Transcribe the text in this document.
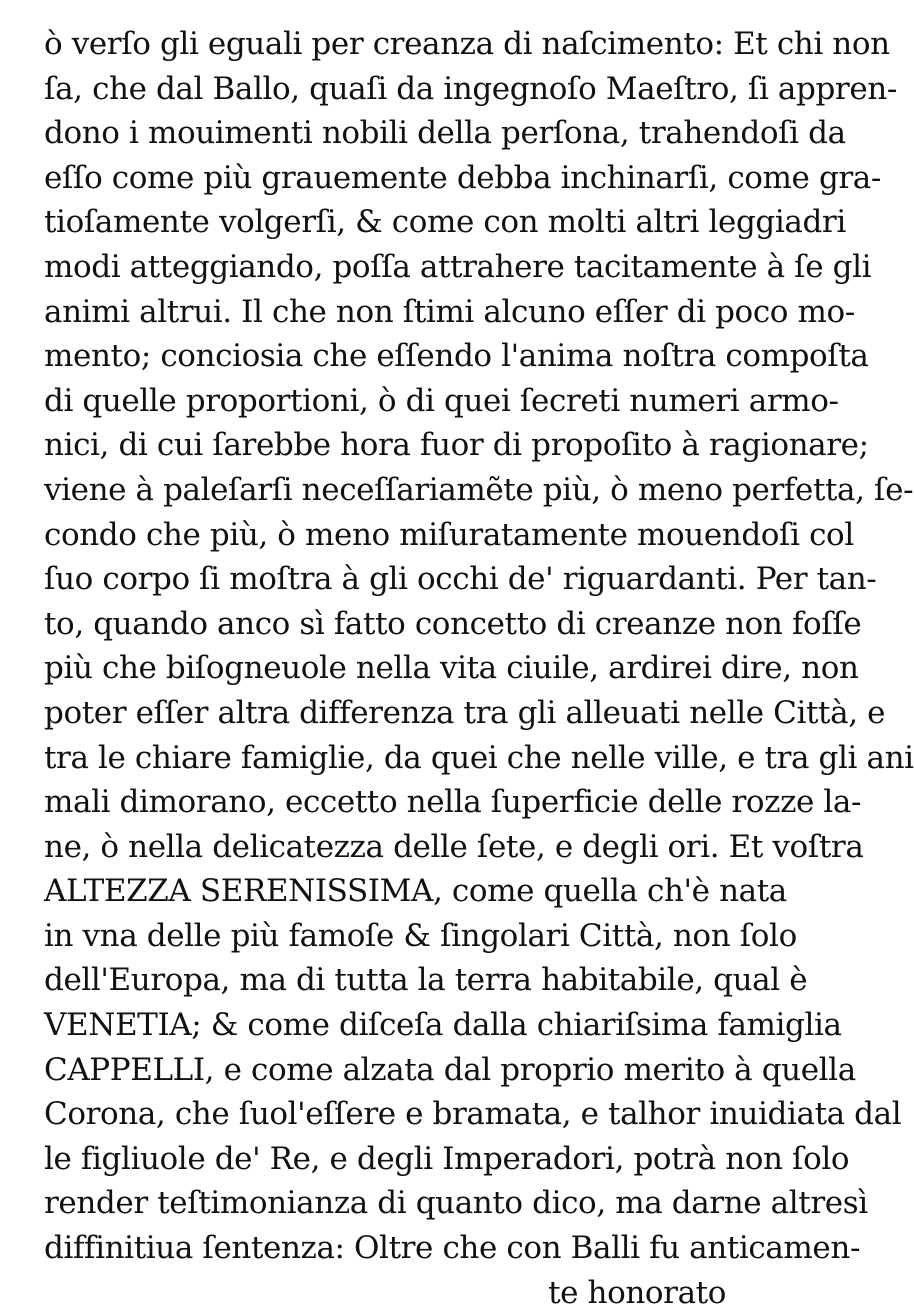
ò verſo gli eguali per creanza di naſcimento: Et chi non
ſa, che dal Ballo, quaſi da ingegnoſo Maeſtro, ſi appren-
dono i mouimenti nobili della perſona, trahendoſi da
eſſo come più grauemente debba inchinarſi, come gra-
tioſamente volgerſi, & come con molti altri leggiadri
modi atteggiando, poſſa attrahere tacitamente à ſe gli
animi altrui. Il che non ſtimi alcuno eſſer di poco mo-
mento; conciosia che eſſendo l'anima noſtra compoſta
di quelle proportioni, ò di quei ſecreti numeri armo-
nici, di cui ſarebbe hora fuor di propoſito à ragionare;
viene à paleſarſi neceſſariamẽte più, ò meno perfetta, ſe-
condo che più, ò meno miſuratamente mouendoſi col
ſuo corpo ſi moſtra à gli occhi de' riguardanti. Per tan-
to, quando anco sì fatto concetto di creanze non foſſe
più che biſogneuole nella vita ciuile, ardirei dire, non
poter eſſer altra differenza tra gli alleuati nelle Città, e
tra le chiare famiglie, da quei che nelle ville, e tra gli ani
mali dimorano, eccetto nella ſuperficie delle rozze la-
ne, ò nella delicatezza delle ſete, e degli ori. Et voſtra
ALTEZZA SERENISSIMA, come quella ch'è nata
in vna delle più famoſe & ſingolari Città, non ſolo
dell'Europa, ma di tutta la terra habitabile, qual è
VENETIA; & come diſceſa dalla chiariſsima famiglia
CAPPELLI, e come alzata dal proprio merito à quella
Corona, che ſuol'eſſere e bramata, e talhor inuidiata dal
le figliuole de' Re, e degli Imperadori, potrà non ſolo
render teſtimonianza di quanto dico, ma darne altresì
diffinitiua ſentenza: Oltre che con Balli fu anticamen-
te honorato
